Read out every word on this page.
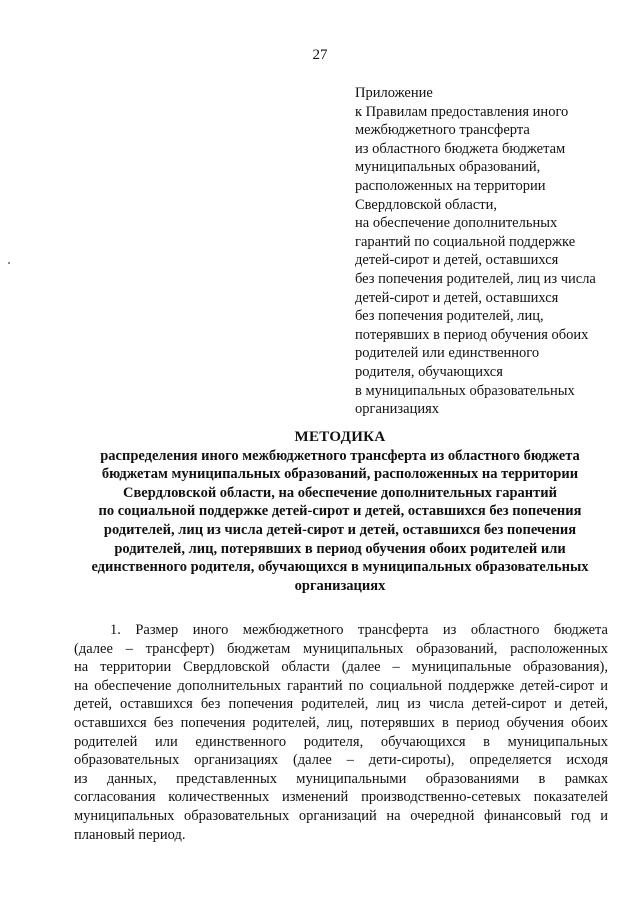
27
Приложение
к Правилам предоставления иного
межбюджетного трансферта
из областного бюджета бюджетам
муниципальных образований,
расположенных на территории
Свердловской области,
на обеспечение дополнительных
гарантий по социальной поддержке
детей-сирот и детей, оставшихся
без попечения родителей, лиц из числа
детей-сирот и детей, оставшихся
без попечения родителей, лиц,
потерявших в период обучения обоих
родителей или единственного
родителя, обучающихся
в муниципальных образовательных
организациях
МЕТОДИКА
распределения иного межбюджетного трансферта из областного бюджета
бюджетам муниципальных образований, расположенных на территории
Свердловской области, на обеспечение дополнительных гарантий
по социальной поддержке детей-сирот и детей, оставшихся без попечения
родителей, лиц из числа детей-сирот и детей, оставшихся без попечения
родителей, лиц, потерявших в период обучения обоих родителей или
единственного родителя, обучающихся в муниципальных образовательных
организациях
1. Размер иного межбюджетного трансферта из областного бюджета
(далее – трансферт) бюджетам муниципальных образований, расположенных
на территории Свердловской области (далее – муниципальные образования),
на обеспечение дополнительных гарантий по социальной поддержке детей-сирот и
детей, оставшихся без попечения родителей, лиц из числа детей-сирот и детей,
оставшихся без попечения родителей, лиц, потерявших в период обучения обоих
родителей или единственного родителя, обучающихся в муниципальных
образовательных организациях (далее – дети-сироты), определяется исходя
из данных, представленных муниципальными образованиями в рамках
согласования количественных изменений производственно-сетевых показателей
муниципальных образовательных организаций на очередной финансовый год и
плановый период.
